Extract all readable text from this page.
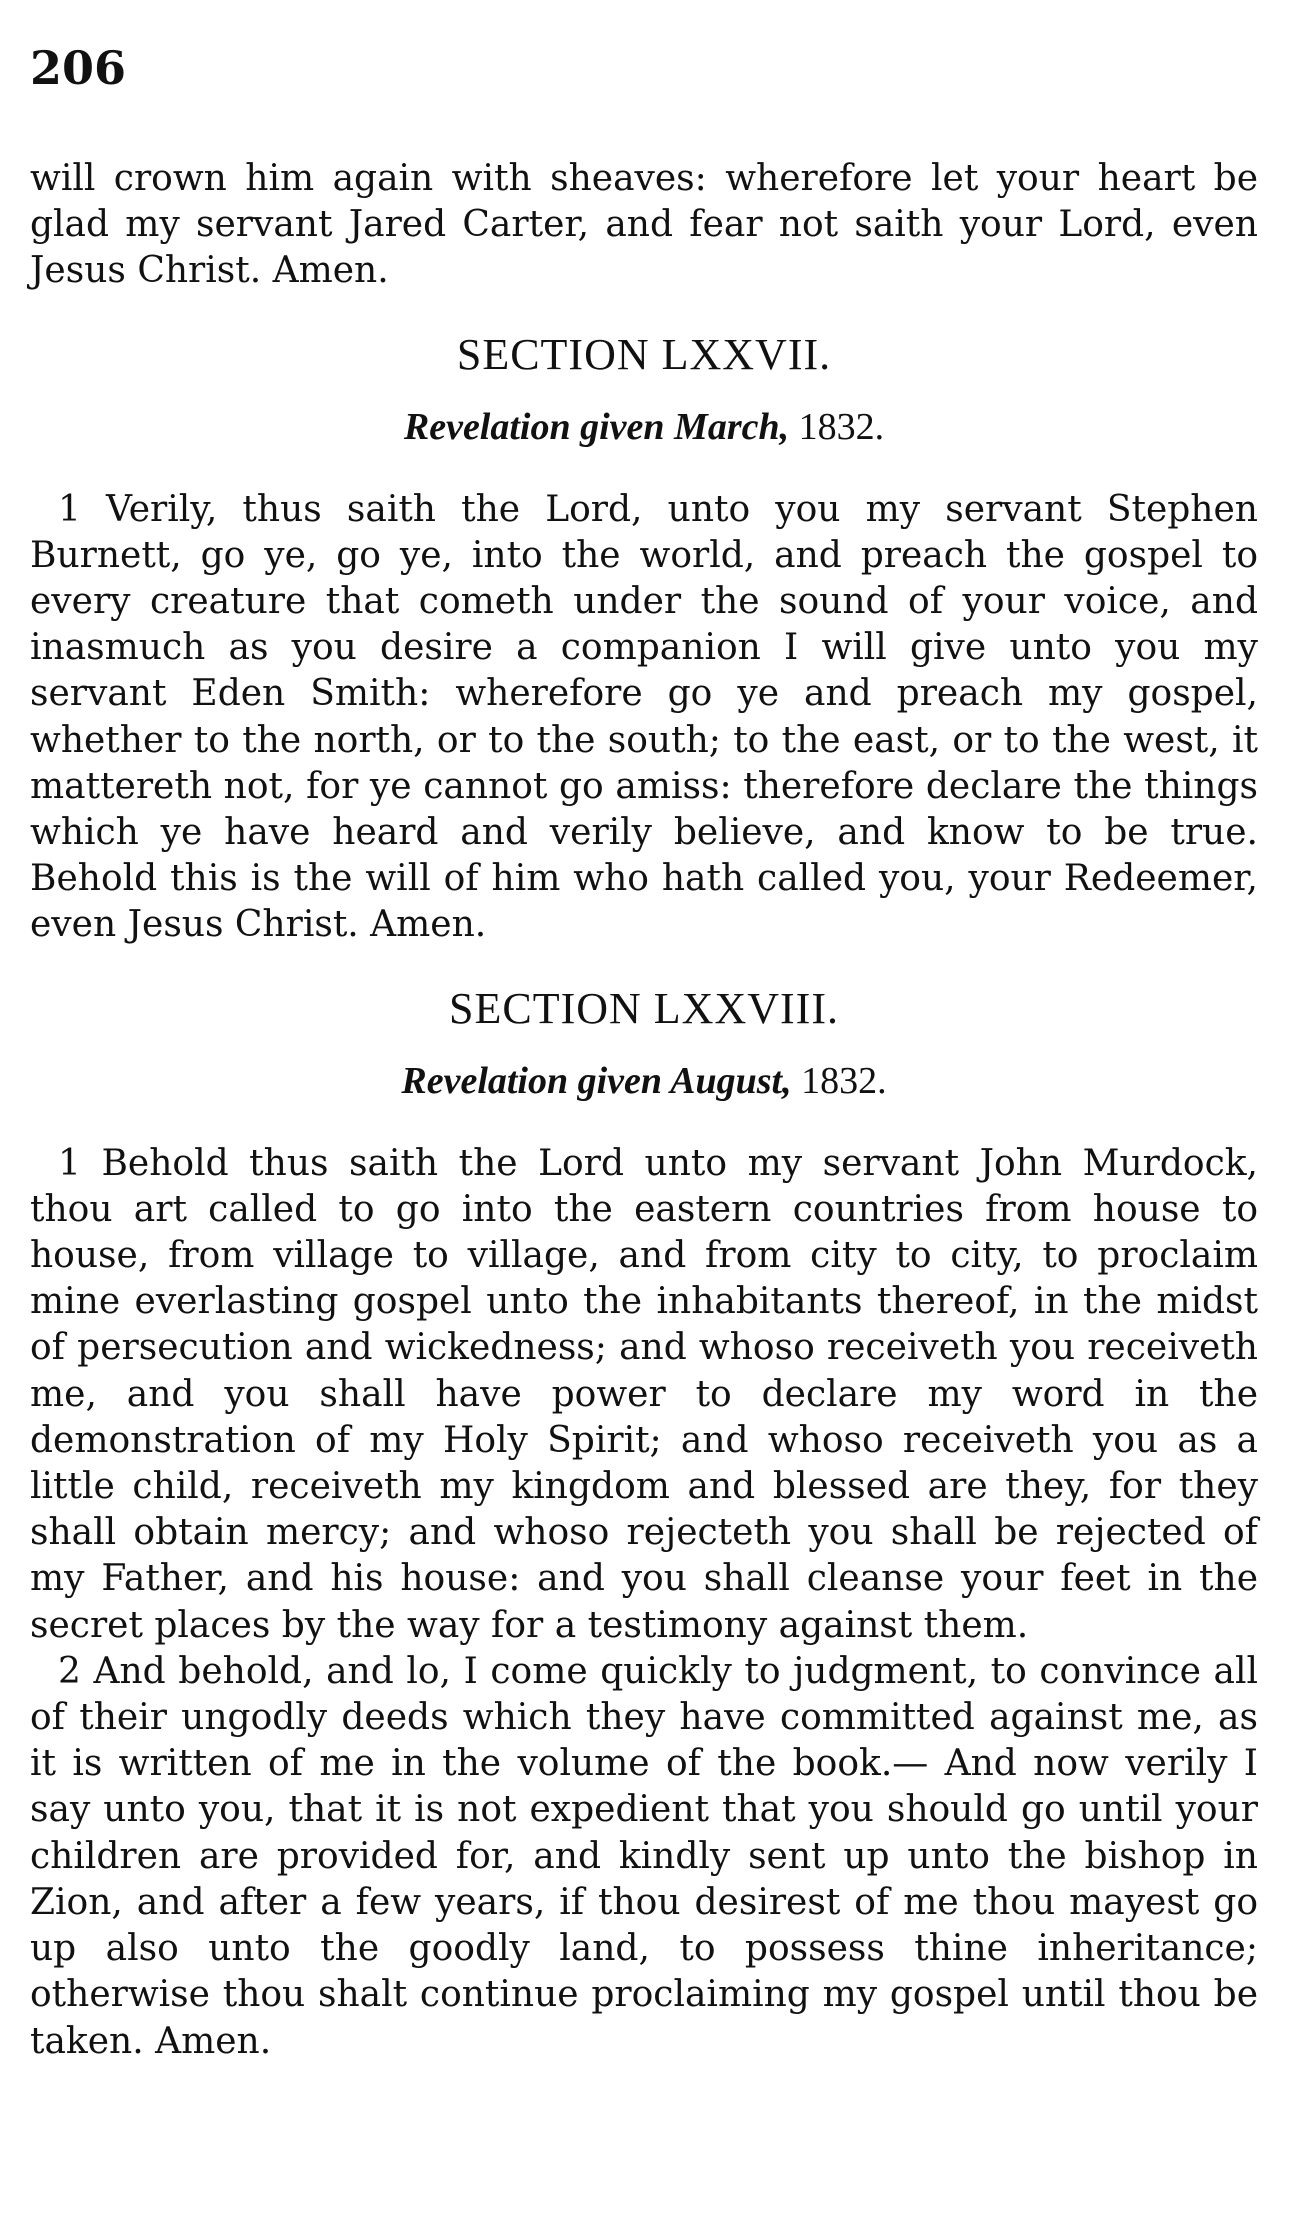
206

will crown him again with sheaves: wherefore let your heart be glad my servant Jared Carter, and fear not saith your Lord, even Jesus Christ. Amen.

SECTION LXXVII.
Revelation given March, 1832.

1 Verily, thus saith the Lord, unto you my servant Stephen Burnett, go ye, go ye, into the world, and preach the gospel to every creature that cometh under the sound of your voice, and inasmuch as you desire a companion I will give unto you my servant Eden Smith: wherefore go ye and preach my gospel, whether to the north, or to the south; to the east, or to the west, it mattereth not, for ye cannot go amiss: therefore declare the things which ye have heard and verily believe, and know to be true. Behold this is the will of him who hath called you, your Redeemer, even Jesus Christ. Amen.

SECTION LXXVIII.
Revelation given August, 1832.

1 Behold thus saith the Lord unto my servant John Murdock, thou art called to go into the eastern countries from house to house, from village to village, and from city to city, to proclaim mine everlasting gospel unto the inhabitants thereof, in the midst of persecution and wickedness; and whoso receiveth you receiveth me, and you shall have power to declare my word in the demonstration of my Holy Spirit; and whoso receiveth you as a little child, receiveth my kingdom and blessed are they, for they shall obtain mercy; and whoso rejecteth you shall be rejected of my Father, and his house: and you shall cleanse your feet in the secret places by the way for a testimony against them.

2 And behold, and lo, I come quickly to judgment, to convince all of their ungodly deeds which they have committed against me, as it is written of me in the volume of the book.— And now verily I say unto you, that it is not expedient that you should go until your children are provided for, and kindly sent up unto the bishop in Zion, and after a few years, if thou desirest of me thou mayest go up also unto the goodly land, to possess thine inheritance; otherwise thou shalt continue proclaiming my gospel until thou be taken. Amen.
